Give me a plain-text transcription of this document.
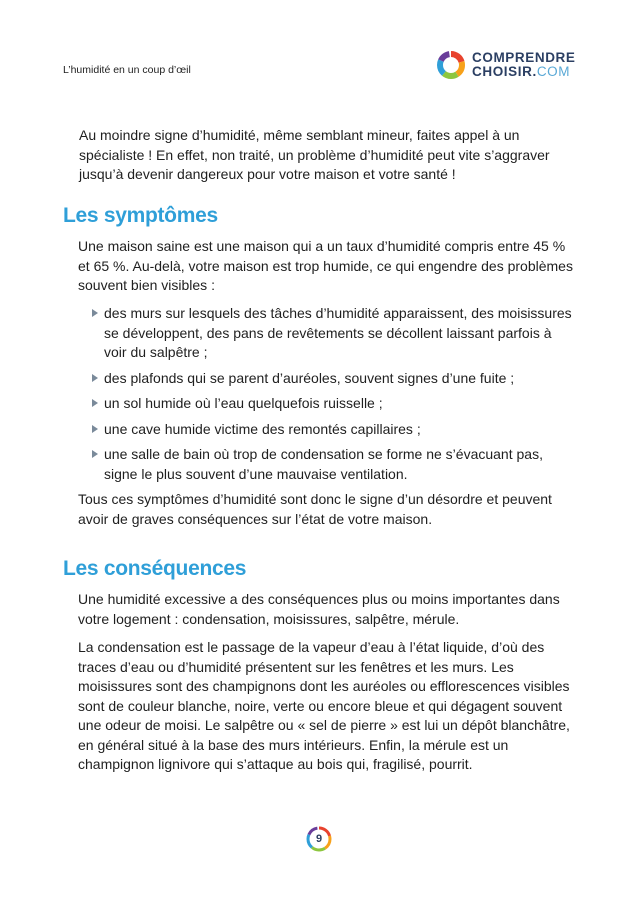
L’humidité en un coup d’œil
COMPRENDRE
CHOISIR.COM

Au moindre signe d’humidité, même semblant mineur, faites appel à un spécialiste ! En effet, non traité, un problème d’humidité peut vite s’aggraver jusqu’à devenir dangereux pour votre maison et votre santé !

Les symptômes

Une maison saine est une maison qui a un taux d’humidité compris entre 45 % et 65 %. Au-delà, votre maison est trop humide, ce qui engendre des problèmes souvent bien visibles :

des murs sur lesquels des tâches d’humidité apparaissent, des moisissures se développent, des pans de revêtements se décollent laissant parfois à voir du salpêtre ;
des plafonds qui se parent d’auréoles, souvent signes d’une fuite ;
un sol humide où l’eau quelquefois ruisselle ;
une cave humide victime des remontés capillaires ;
une salle de bain où trop de condensation se forme ne s’évacuant pas, signe le plus souvent d’une mauvaise ventilation.

Tous ces symptômes d’humidité sont donc le signe d’un désordre et peuvent avoir de graves conséquences sur l’état de votre maison.

Les conséquences

Une humidité excessive a des conséquences plus ou moins importantes dans votre logement : condensation, moisissures, salpêtre, mérule.

La condensation est le passage de la vapeur d’eau à l’état liquide, d’où des traces d’eau ou d’humidité présentent sur les fenêtres et les murs. Les moisissures sont des champignons dont les auréoles ou efflorescences visibles sont de couleur blanche, noire, verte ou encore bleue et qui dégagent souvent une odeur de moisi. Le salpêtre ou « sel de pierre » est lui un dépôt blanchâtre, en général situé à la base des murs intérieurs. Enfin, la mérule est un champignon lignivore qui s’attaque au bois qui, fragilisé, pourrit.

9
